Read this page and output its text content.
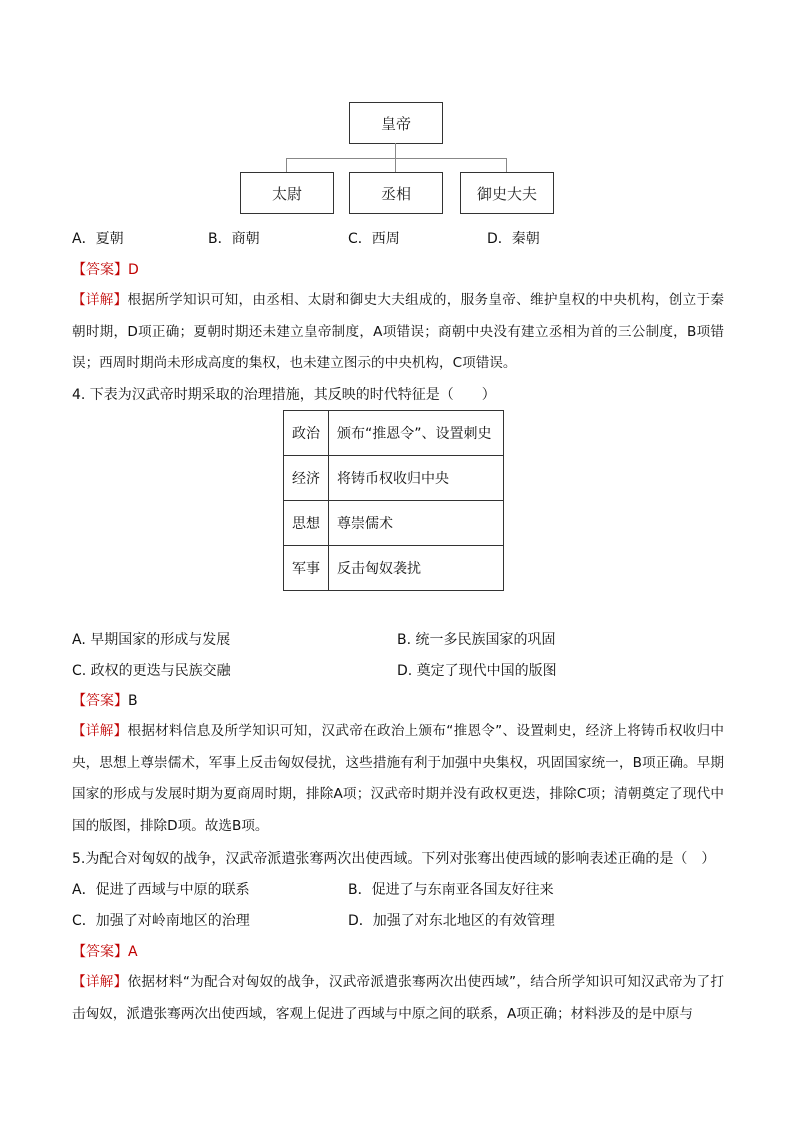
皇帝
太尉	丞相	御史大夫
A．夏朝	B．商朝	C．西周	D．秦朝
【答案】D
【详解】根据所学知识可知，由丞相、太尉和御史大夫组成的，服务皇帝、维护皇权的中央机构，创立于秦朝时期，D项正确；夏朝时期还未建立皇帝制度，A项错误；商朝中央没有建立丞相为首的三公制度，B项错误；西周时期尚未形成高度的集权，也未建立图示的中央机构，C项错误。
4. 下表为汉武帝时期采取的治理措施，其反映的时代特征是（　　）
政治	颁布“推恩令”、设置刺史
经济	将铸币权收归中央
思想	尊崇儒术
军事	反击匈奴袭扰
A. 早期国家的形成与发展	B. 统一多民族国家的巩固
C. 政权的更迭与民族交融	D. 奠定了现代中国的版图
【答案】B
【详解】根据材料信息及所学知识可知，汉武帝在政治上颁布“推恩令”、设置刺史，经济上将铸币权收归中央，思想上尊崇儒术，军事上反击匈奴侵扰，这些措施有利于加强中央集权，巩固国家统一，B项正确。早期国家的形成与发展时期为夏商周时期，排除A项；汉武帝时期并没有政权更迭，排除C项；清朝奠定了现代中国的版图，排除D项。故选B项。
5.为配合对匈奴的战争，汉武帝派遣张骞两次出使西域。下列对张骞出使西域的影响表述正确的是（　）
A．促进了西域与中原的联系	B．促进了与东南亚各国友好往来
C．加强了对岭南地区的治理	D．加强了对东北地区的有效管理
【答案】A
【详解】依据材料“为配合对匈奴的战争，汉武帝派遣张骞两次出使西域”，结合所学知识可知汉武帝为了打击匈奴，派遣张骞两次出使西域，客观上促进了西域与中原之间的联系，A项正确；材料涉及的是中原与
